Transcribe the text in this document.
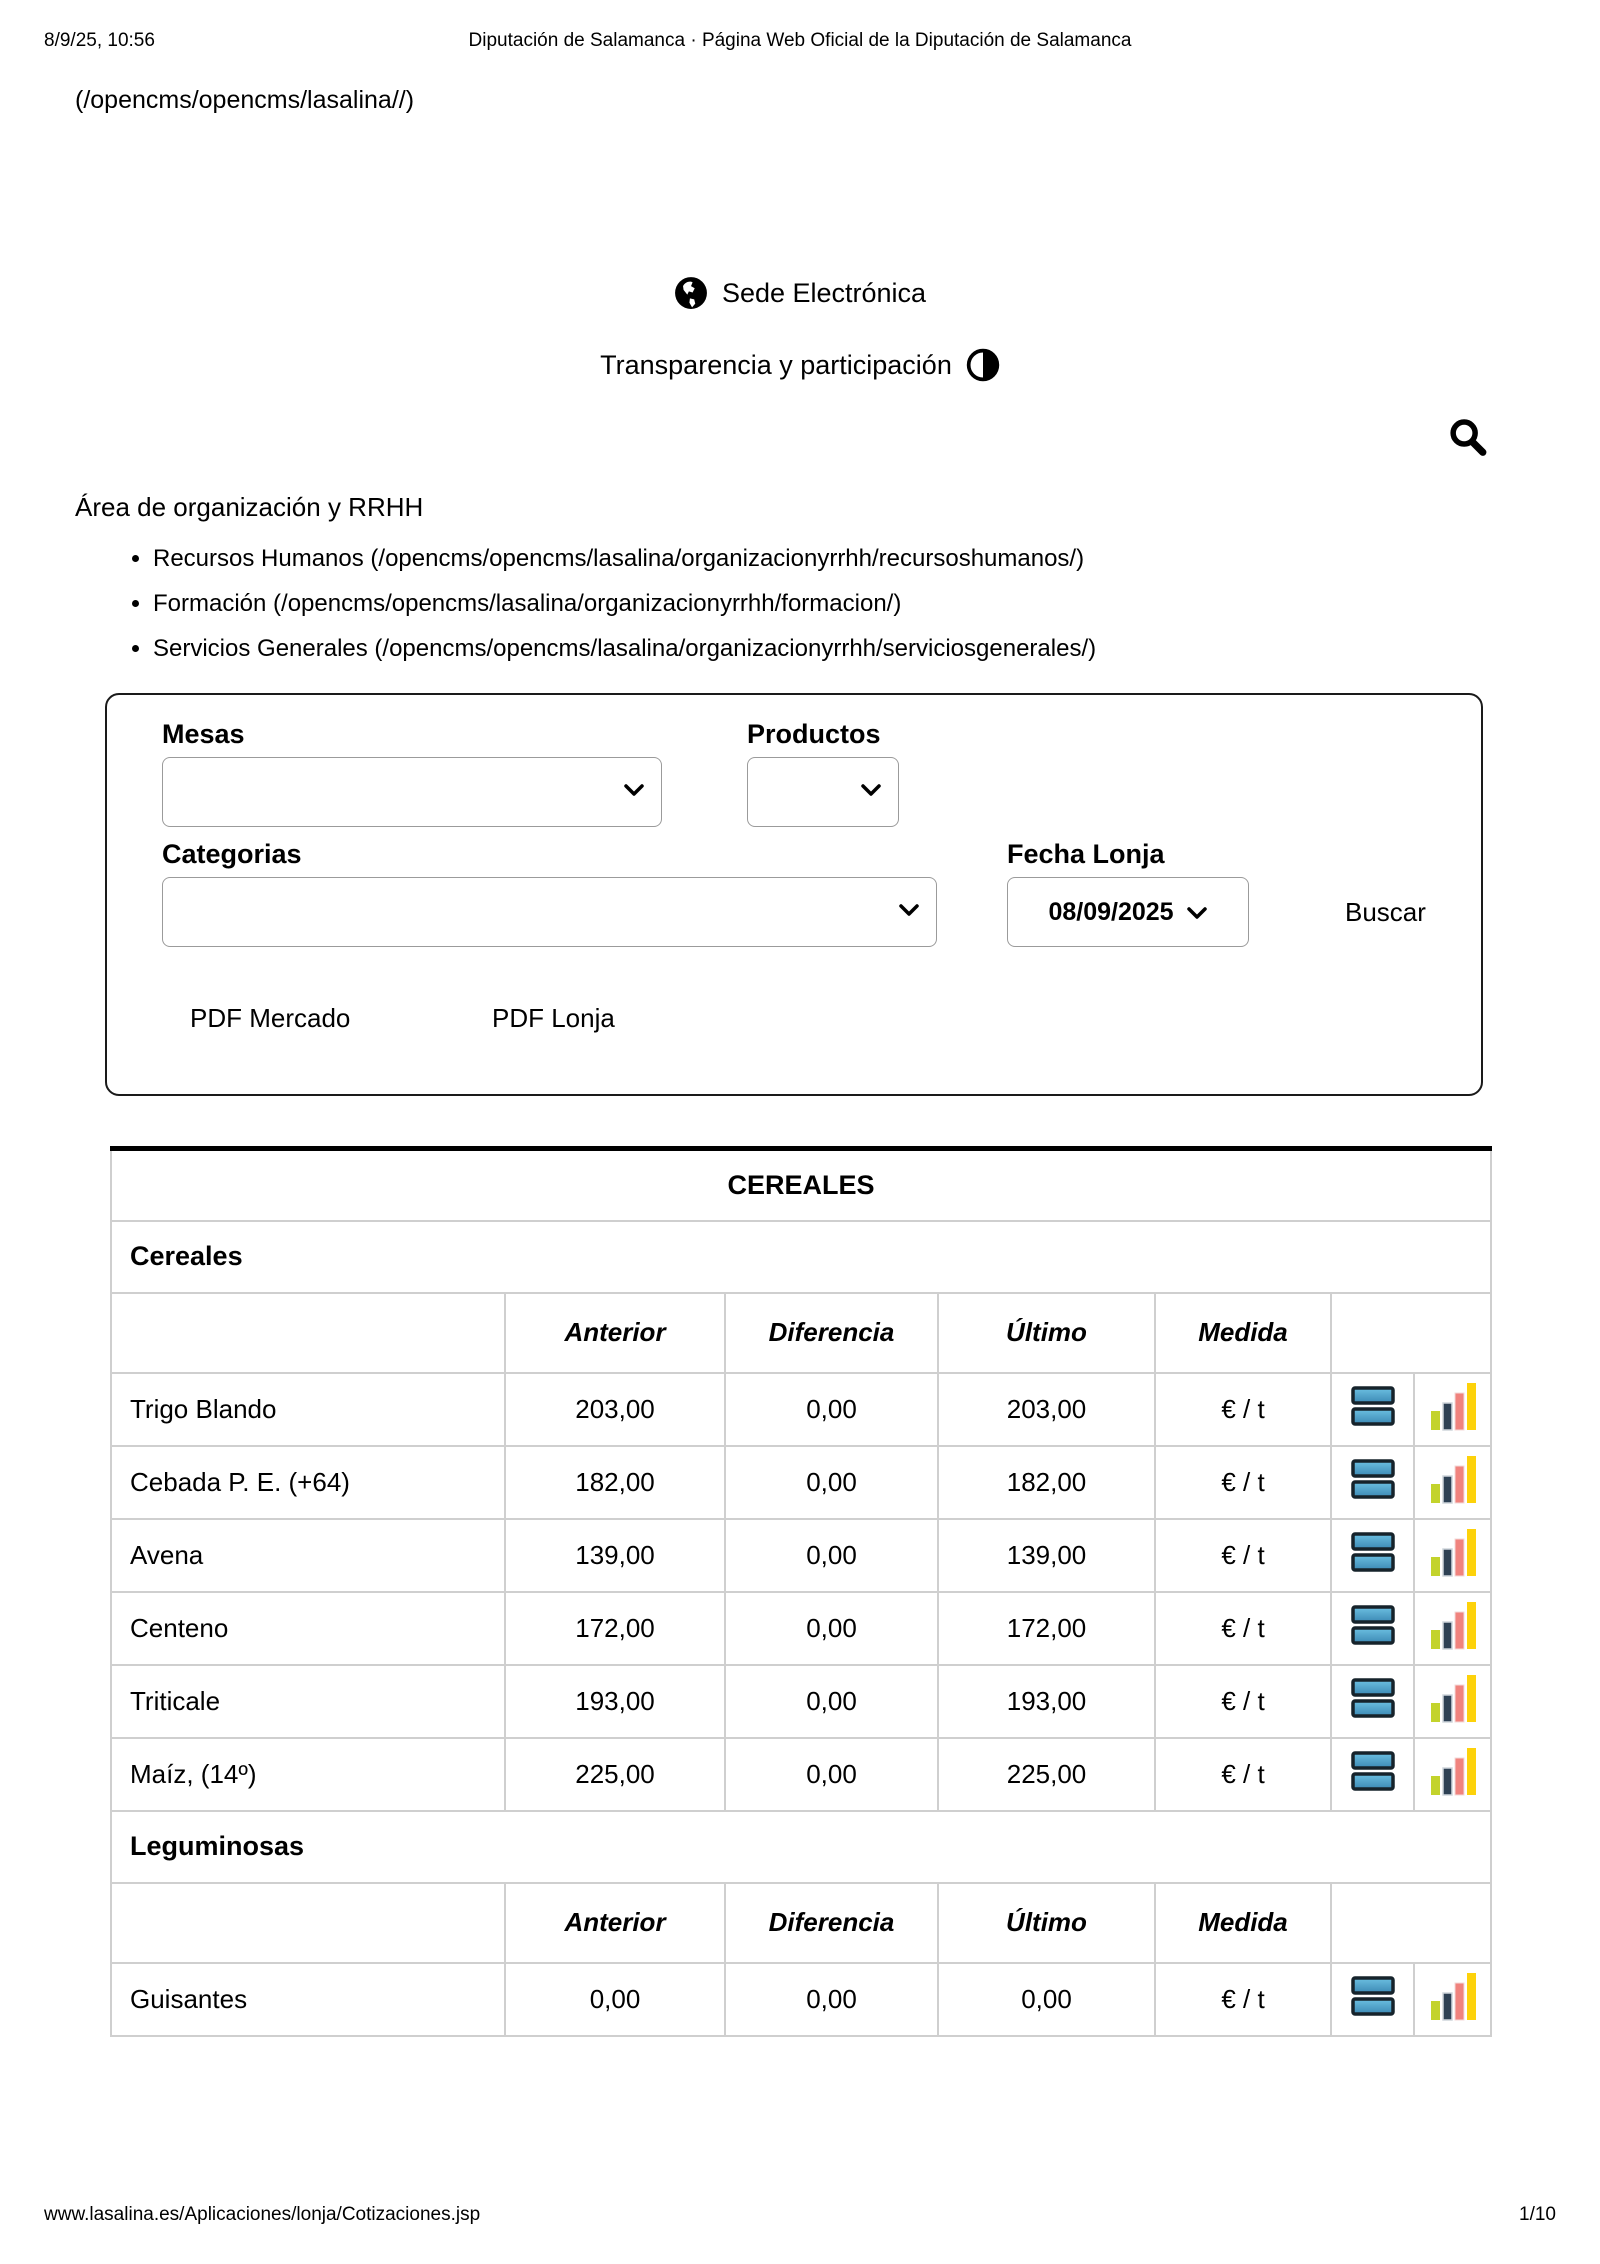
8/9/25, 10:56	Diputación de Salamanca · Página Web Oficial de la Diputación de Salamanca
(/opencms/opencms/lasalina//)
Sede Electrónica
Transparencia y participación
Área de organización y RRHH
• Recursos Humanos (/opencms/opencms/lasalina/organizacionyrrhh/recursoshumanos/)
• Formación (/opencms/opencms/lasalina/organizacionyrrhh/formacion/)
• Servicios Generales (/opencms/opencms/lasalina/organizacionyrrhh/serviciosgenerales/)
Mesas	Productos
Categorias	Fecha Lonja
08/09/2025	Buscar
PDF Mercado	PDF Lonja
CEREALES						
Cereales						
	Anterior	Diferencia	Último	Medida		
Trigo Blando	203,00	0,00	203,00	€ / t	

Cebada P. E. (+64)	182,00	0,00	182,00	€ / t	

Avena	139,00	0,00	139,00	€ / t	

Centeno	172,00	0,00	172,00	€ / t	

Triticale	193,00	0,00	193,00	€ / t	

Maíz, (14º)	225,00	0,00	225,00	€ / t	

Leguminosas						
	Anterior	Diferencia	Último	Medida		
Guisantes	0,00	0,00	0,00	€ / t	

www.lasalina.es/Aplicaciones/lonja/Cotizaciones.jsp	1/10
